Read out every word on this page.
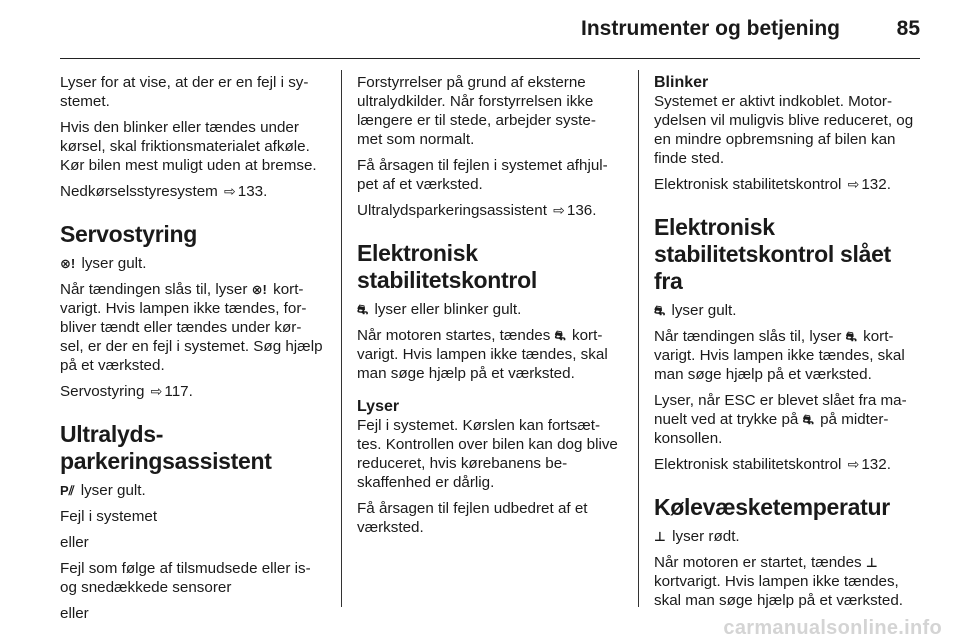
Instrumenter og betjening	85

Lyser for at vise, at der er en fejl i sy- stemet.

Hvis den blinker eller tændes under kørsel, skal friktionsmaterialet afkøle. Kør bilen mest muligt uden at bremse.

Nedkørselsstyresystem ⇨ 133.

Servostyring

⊗! lyser gult.

Når tændingen slås til, lyser ⊗! kort- varigt. Hvis lampen ikke tændes, for- bliver tændt eller tændes under kør- sel, er der en fejl i systemet. Søg hjælp på et værksted.

Servostyring ⇨ 117.

Ultralyds- parkeringsassistent

P⫽ lyser gult.

Fejl i systemet

eller

Fejl som følge af tilsmudsede eller is- og snedækkede sensorer

eller

Forstyrrelser på grund af eksterne ultralydkilder. Når forstyrrelsen ikke længere er til stede, arbejder syste- met som normalt.

Få årsagen til fejlen i systemet afhjul- pet af et værksted.

Ultralydsparkeringsassistent ⇨ 136.

Elektronisk stabilitetskontrol

⛐ lyser eller blinker gult.

Når motoren startes, tændes ⛐ kort- varigt. Hvis lampen ikke tændes, skal man søge hjælp på et værksted.

Lyser

Fejl i systemet. Kørslen kan fortsæt- tes. Kontrollen over bilen kan dog blive reduceret, hvis kørebanens be- skaffenhed er dårlig.

Få årsagen til fejlen udbedret af et værksted.

Blinker

Systemet er aktivt indkoblet. Motor- ydelsen vil muligvis blive reduceret, og en mindre opbremsning af bilen kan finde sted.

Elektronisk stabilitetskontrol ⇨ 132.

Elektronisk stabilitetskontrol slået fra

⛐ lyser gult.

Når tændingen slås til, lyser ⛐ kort- varigt. Hvis lampen ikke tændes, skal man søge hjælp på et værksted.

Lyser, når ESC er blevet slået fra ma- nuelt ved at trykke på ⛐ på midter- konsollen.

Elektronisk stabilitetskontrol ⇨ 132.

Kølevæsketemperatur

⊥ lyser rødt.

Når motoren er startet, tændes ⊥ kortvarigt. Hvis lampen ikke tændes, skal man søge hjælp på et værksted.

carmanualsonline.info
